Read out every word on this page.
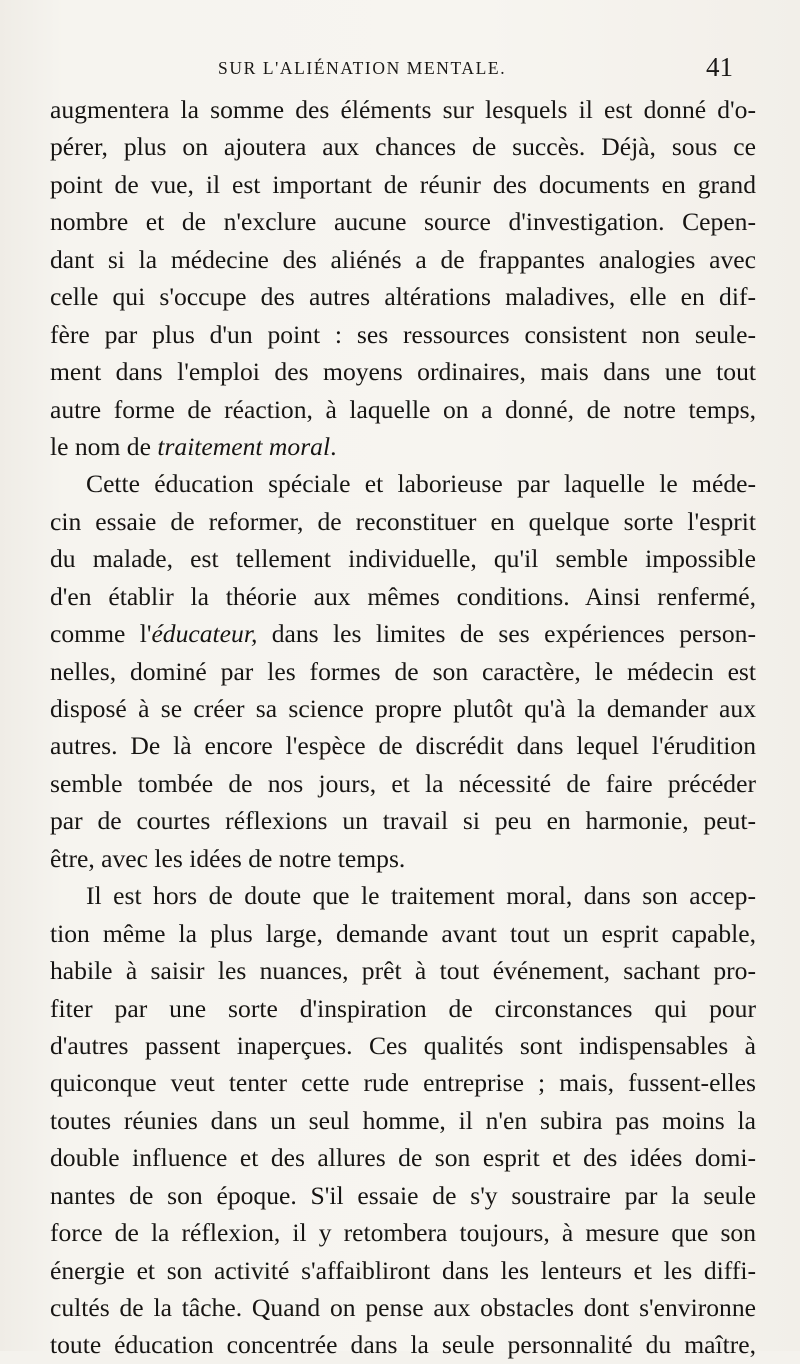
SUR L'ALIÉNATION MENTALE.	41
augmentera la somme des éléments sur lesquels il est donné d'o-
pérer, plus on ajoutera aux chances de succès. Déjà, sous ce
point de vue, il est important de réunir des documents en grand
nombre et de n'exclure aucune source d'investigation. Cepen-
dant si la médecine des aliénés a de frappantes analogies avec
celle qui s'occupe des autres altérations maladives, elle en dif-
fère par plus d'un point : ses ressources consistent non seule-
ment dans l'emploi des moyens ordinaires, mais dans une tout
autre forme de réaction, à laquelle on a donné, de notre temps,
le nom de traitement moral.
Cette éducation spéciale et laborieuse par laquelle le méde-
cin essaie de reformer, de reconstituer en quelque sorte l'esprit
du malade, est tellement individuelle, qu'il semble impossible
d'en établir la théorie aux mêmes conditions. Ainsi renfermé,
comme l'éducateur, dans les limites de ses expériences person-
nelles, dominé par les formes de son caractère, le médecin est
disposé à se créer sa science propre plutôt qu'à la demander aux
autres. De là encore l'espèce de discrédit dans lequel l'érudition
semble tombée de nos jours, et la nécessité de faire précéder
par de courtes réflexions un travail si peu en harmonie, peut-
être, avec les idées de notre temps.
Il est hors de doute que le traitement moral, dans son accep-
tion même la plus large, demande avant tout un esprit capable,
habile à saisir les nuances, prêt à tout événement, sachant pro-
fiter par une sorte d'inspiration de circonstances qui pour
d'autres passent inaperçues. Ces qualités sont indispensables à
quiconque veut tenter cette rude entreprise ; mais, fussent-elles
toutes réunies dans un seul homme, il n'en subira pas moins la
double influence et des allures de son esprit et des idées domi-
nantes de son époque. S'il essaie de s'y soustraire par la seule
force de la réflexion, il y retombera toujours, à mesure que son
énergie et son activité s'affaibliront dans les lenteurs et les diffi-
cultés de la tâche. Quand on pense aux obstacles dont s'environne
toute éducation concentrée dans la seule personnalité du maître,
